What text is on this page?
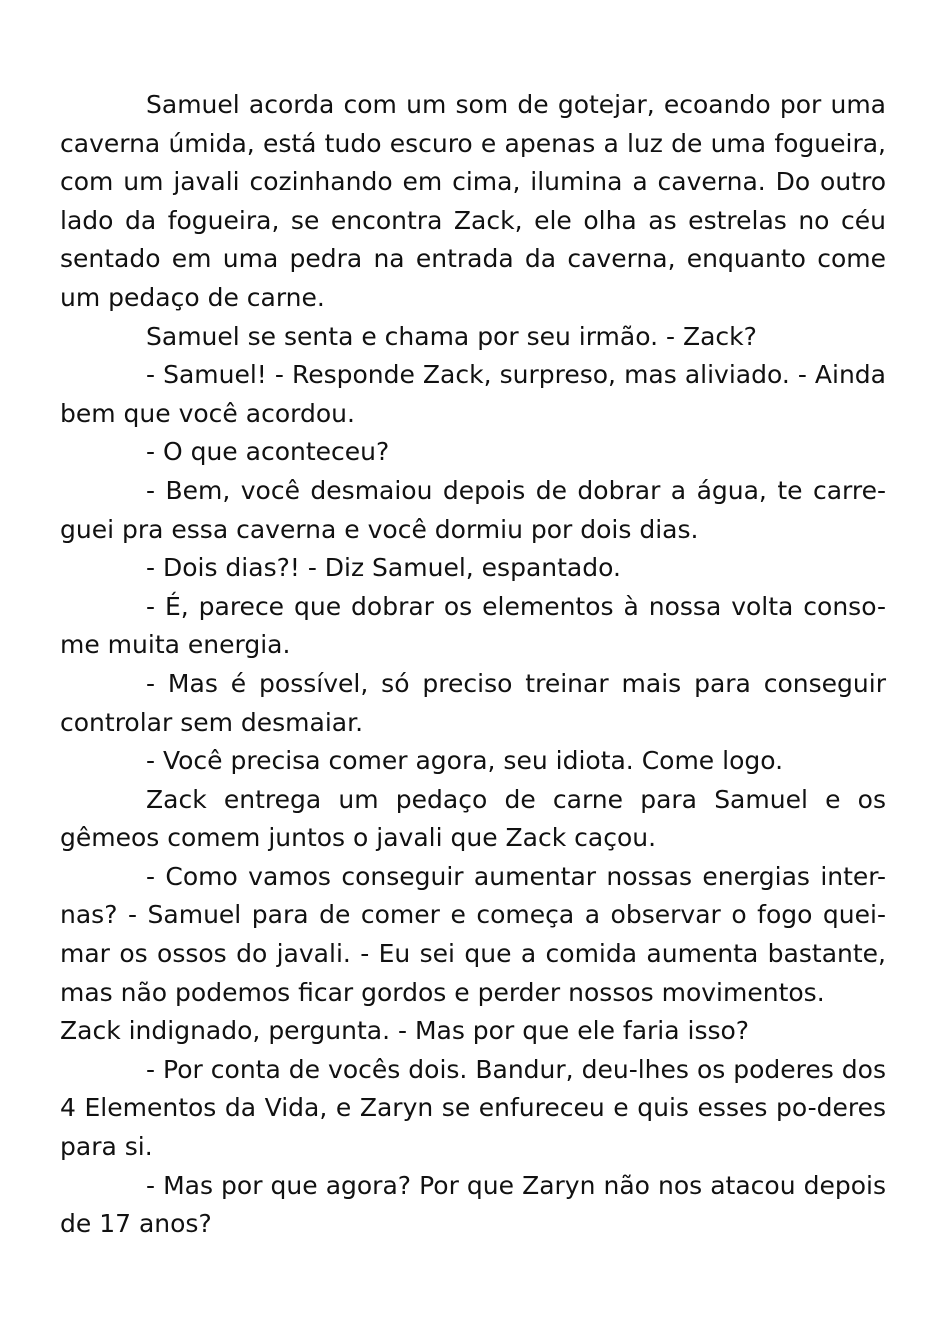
Samuel acorda com um som de gotejar, ecoando por uma caverna úmida, está tudo escuro e apenas a luz de uma fogueira, com um javali cozinhando em cima, ilumina a caverna. Do outro lado da fogueira, se encontra Zack, ele olha as estrelas no céu sentado em uma pedra na entrada da caverna, enquanto come um pedaço de carne.

Samuel se senta e chama por seu irmão. - Zack?

- Samuel! - Responde Zack, surpreso, mas aliviado. - Ainda bem que você acordou.

- O que aconteceu?

- Bem, você desmaiou depois de dobrar a água, te carre-guei pra essa caverna e você dormiu por dois dias.

- Dois dias?! - Diz Samuel, espantado.

- É, parece que dobrar os elementos à nossa volta conso-me muita energia.

- Mas é possível, só preciso treinar mais para conseguir controlar sem desmaiar.

- Você precisa comer agora, seu idiota. Come logo.

Zack entrega um pedaço de carne para Samuel e os gêmeos comem juntos o javali que Zack caçou.

- Como vamos conseguir aumentar nossas energias inter-nas? - Samuel para de comer e começa a observar o fogo quei-mar os ossos do javali. - Eu sei que a comida aumenta bastante, mas não podemos ficar gordos e perder nossos movimentos.

Zack indignado, pergunta. - Mas por que ele faria isso?

- Por conta de vocês dois. Bandur, deu-lhes os poderes dos 4 Elementos da Vida, e Zaryn se enfureceu e quis esses po-deres para si.

- Mas por que agora? Por que Zaryn não nos atacou depois de 17 anos?
